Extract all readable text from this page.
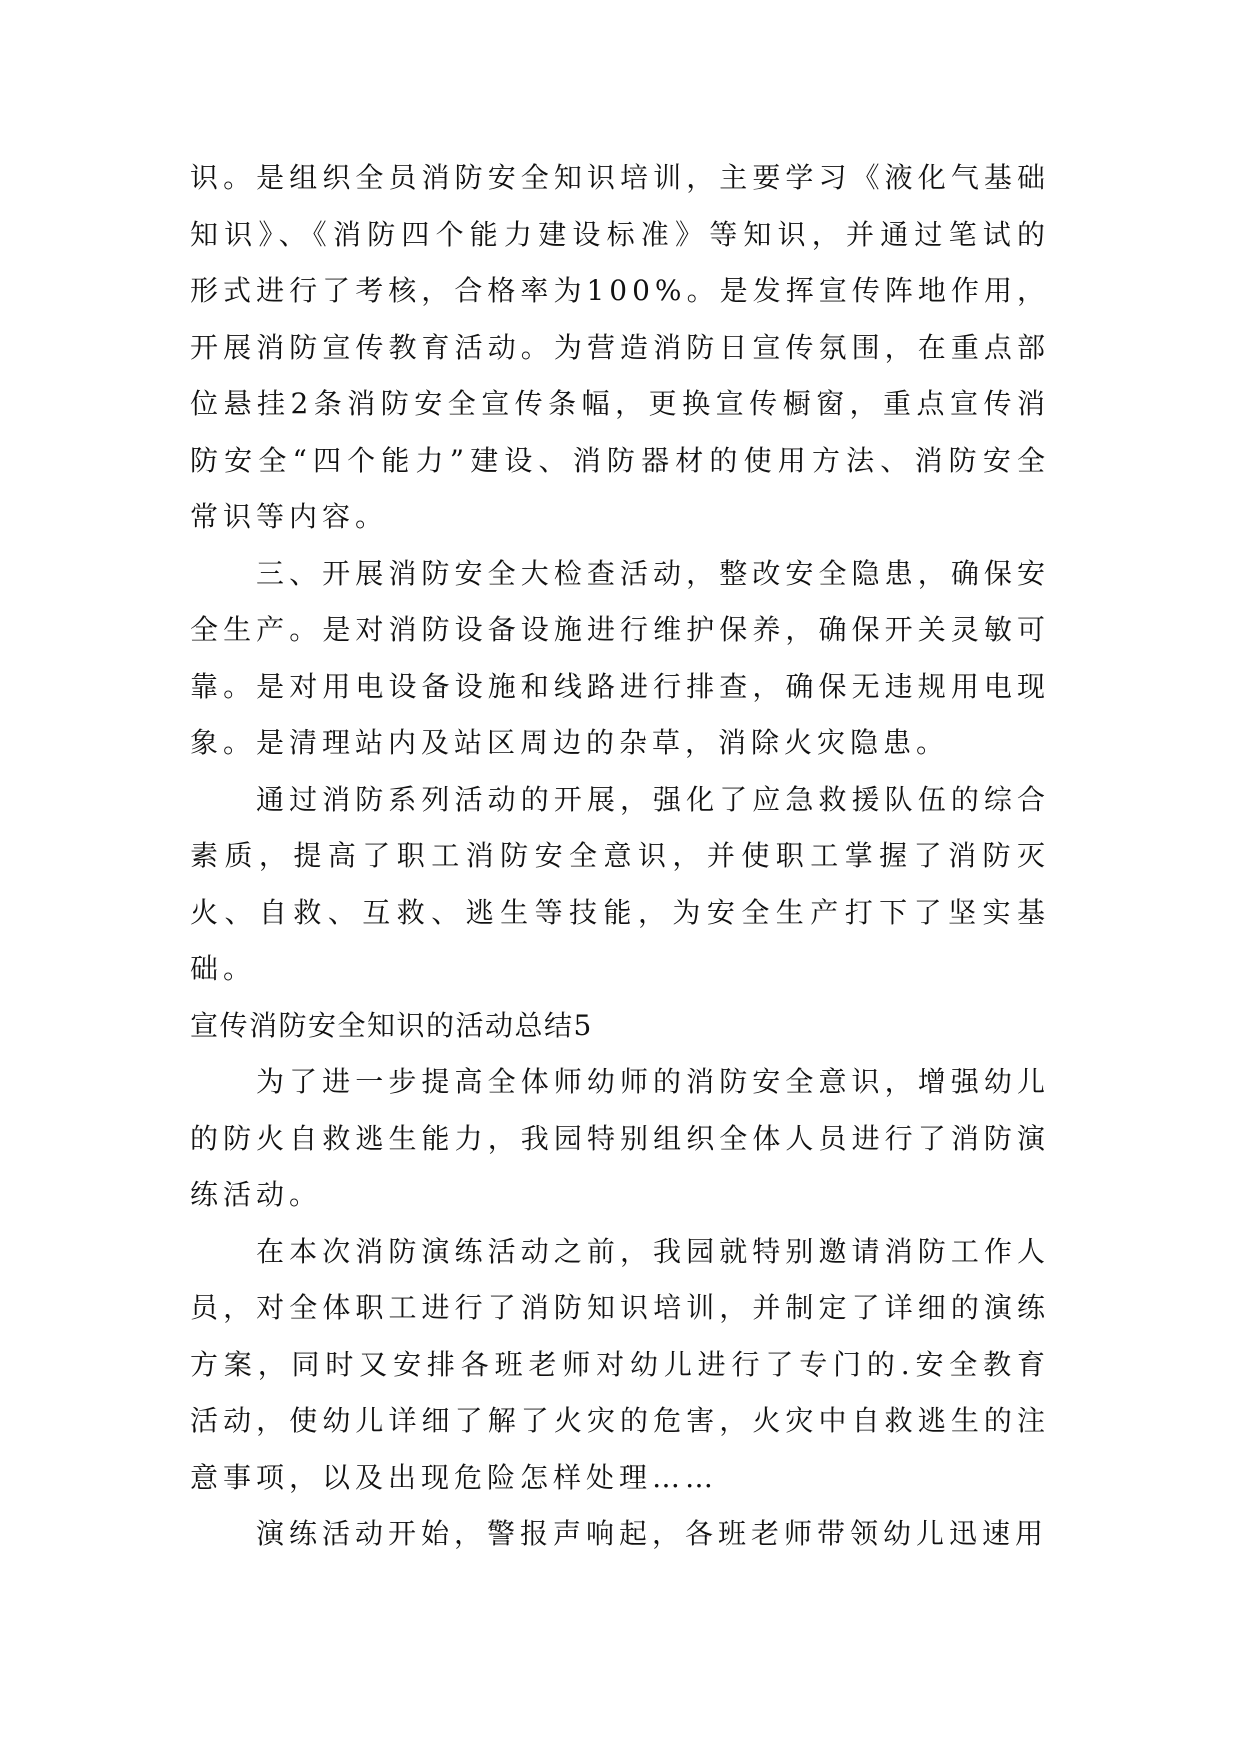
识。是组织全员消防安全知识培训，主要学习《液化气基础知识》、《消防四个能力建设标准》等知识，并通过笔试的形式进行了考核，合格率为100%。是发挥宣传阵地作用，开展消防宣传教育活动。为营造消防日宣传氛围，在重点部位悬挂2条消防安全宣传条幅，更换宣传橱窗，重点宣传消防安全“四个能力”建设、消防器材的使用方法、消防安全常识等内容。

三、开展消防安全大检查活动，整改安全隐患，确保安全生产。是对消防设备设施进行维护保养，确保开关灵敏可靠。是对用电设备设施和线路进行排查，确保无违规用电现象。是清理站内及站区周边的杂草，消除火灾隐患。

通过消防系列活动的开展，强化了应急救援队伍的综合素质，提高了职工消防安全意识，并使职工掌握了消防灭火、自救、互救、逃生等技能，为安全生产打下了坚实基础。

宣传消防安全知识的活动总结5

为了进一步提高全体师幼师的消防安全意识，增强幼儿的防火自救逃生能力，我园特别组织全体人员进行了消防演练活动。

在本次消防演练活动之前，我园就特别邀请消防工作人员，对全体职工进行了消防知识培训，并制定了详细的演练方案，同时又安排各班老师对幼儿进行了专门的.安全教育活动，使幼儿详细了解了火灾的危害，火灾中自救逃生的注意事项，以及出现危险怎样处理……

演练活动开始，警报声响起，各班老师带领幼儿迅速用
